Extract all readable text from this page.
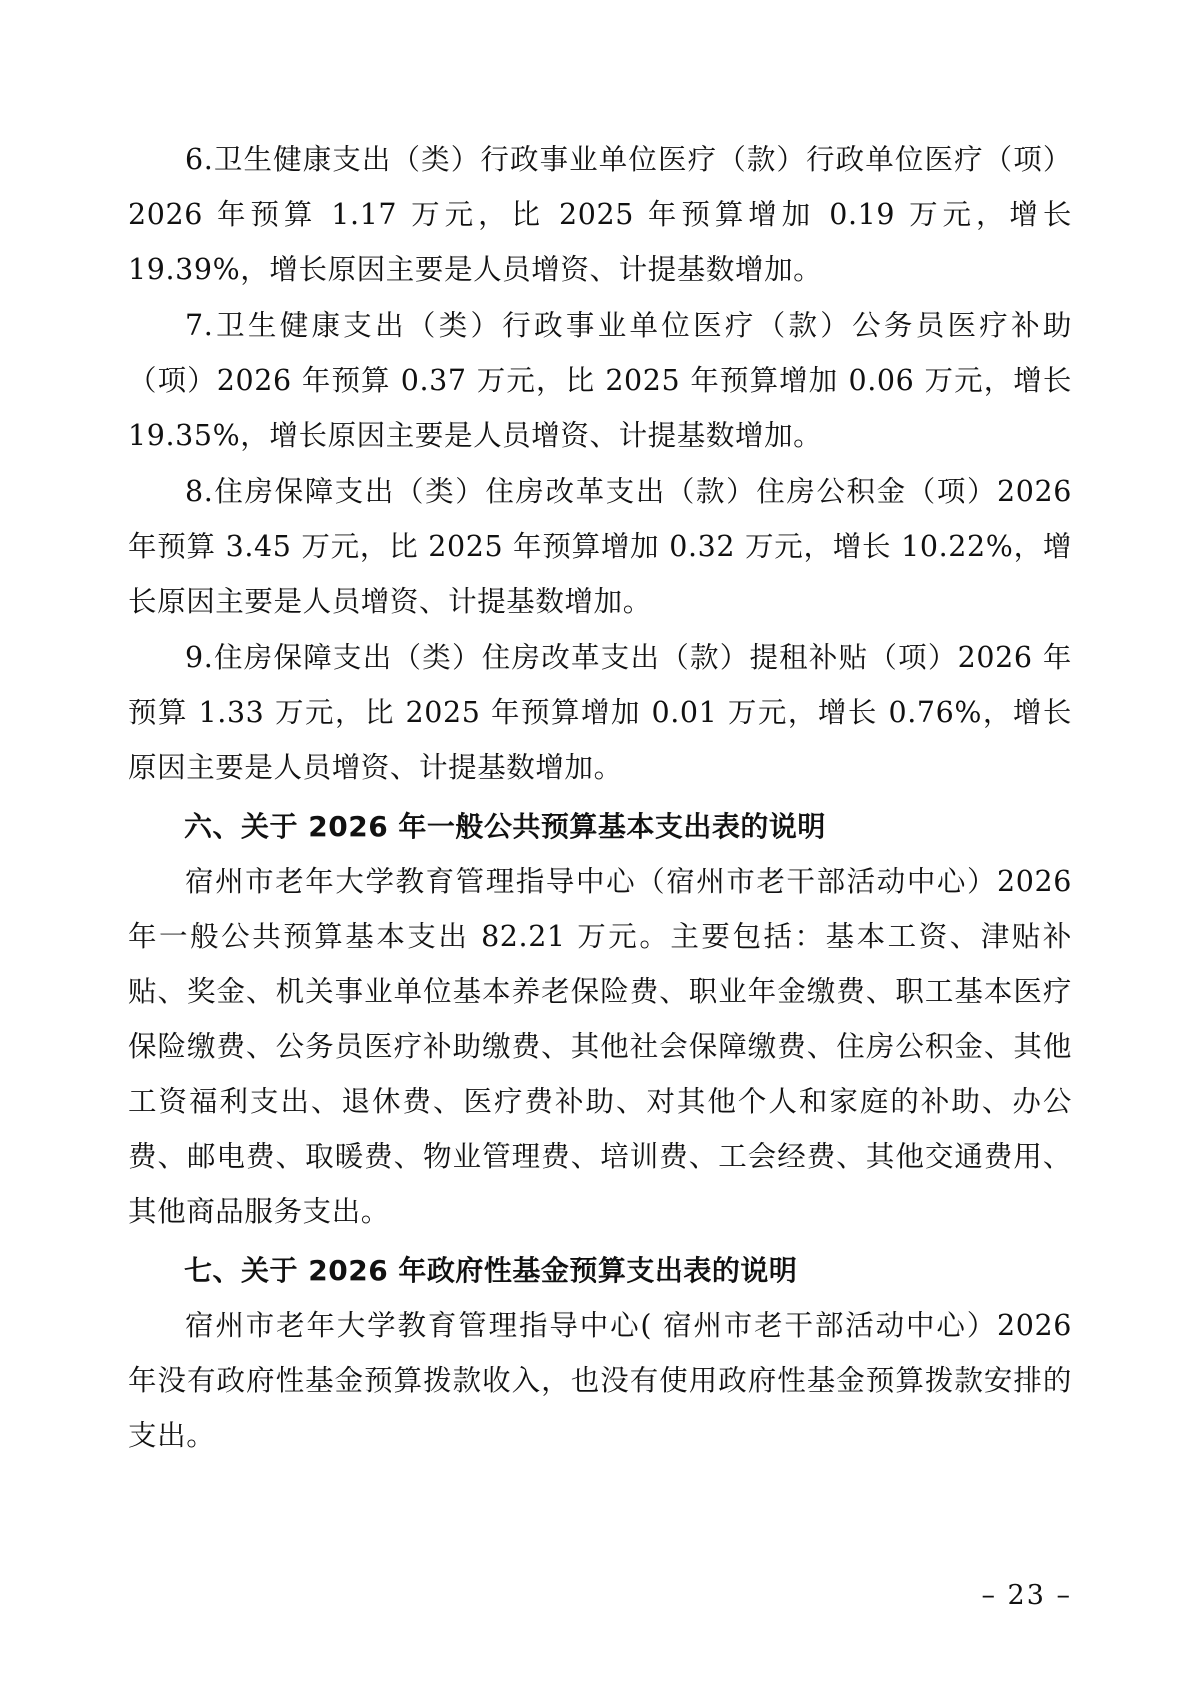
6.卫生健康支出（类）行政事业单位医疗（款）行政单位医疗（项）2026 年预算 1.17 万元，比 2025 年预算增加 0.19 万元，增长 19.39%，增长原因主要是人员增资、计提基数增加。

7.卫生健康支出（类）行政事业单位医疗（款）公务员医疗补助（项）2026 年预算 0.37 万元，比 2025 年预算增加 0.06 万元，增长 19.35%，增长原因主要是人员增资、计提基数增加。

8.住房保障支出（类）住房改革支出（款）住房公积金（项）2026 年预算 3.45 万元，比 2025 年预算增加 0.32 万元，增长 10.22%，增长原因主要是人员增资、计提基数增加。

9.住房保障支出（类）住房改革支出（款）提租补贴（项）2026 年预算 1.33 万元，比 2025 年预算增加 0.01 万元，增长 0.76%，增长原因主要是人员增资、计提基数增加。

六、关于 2026 年一般公共预算基本支出表的说明

宿州市老年大学教育管理指导中心（宿州市老干部活动中心）2026 年一般公共预算基本支出 82.21 万元。主要包括：基本工资、津贴补贴、奖金、机关事业单位基本养老保险费、职业年金缴费、职工基本医疗保险缴费、公务员医疗补助缴费、其他社会保障缴费、住房公积金、其他工资福利支出、退休费、医疗费补助、对其他个人和家庭的补助、办公费、邮电费、取暖费、物业管理费、培训费、工会经费、其他交通费用、其他商品服务支出。

七、关于 2026 年政府性基金预算支出表的说明

宿州市老年大学教育管理指导中心( 宿州市老干部活动中心）2026 年没有政府性基金预算拨款收入，也没有使用政府性基金预算拨款安排的支出。

– 23 –
